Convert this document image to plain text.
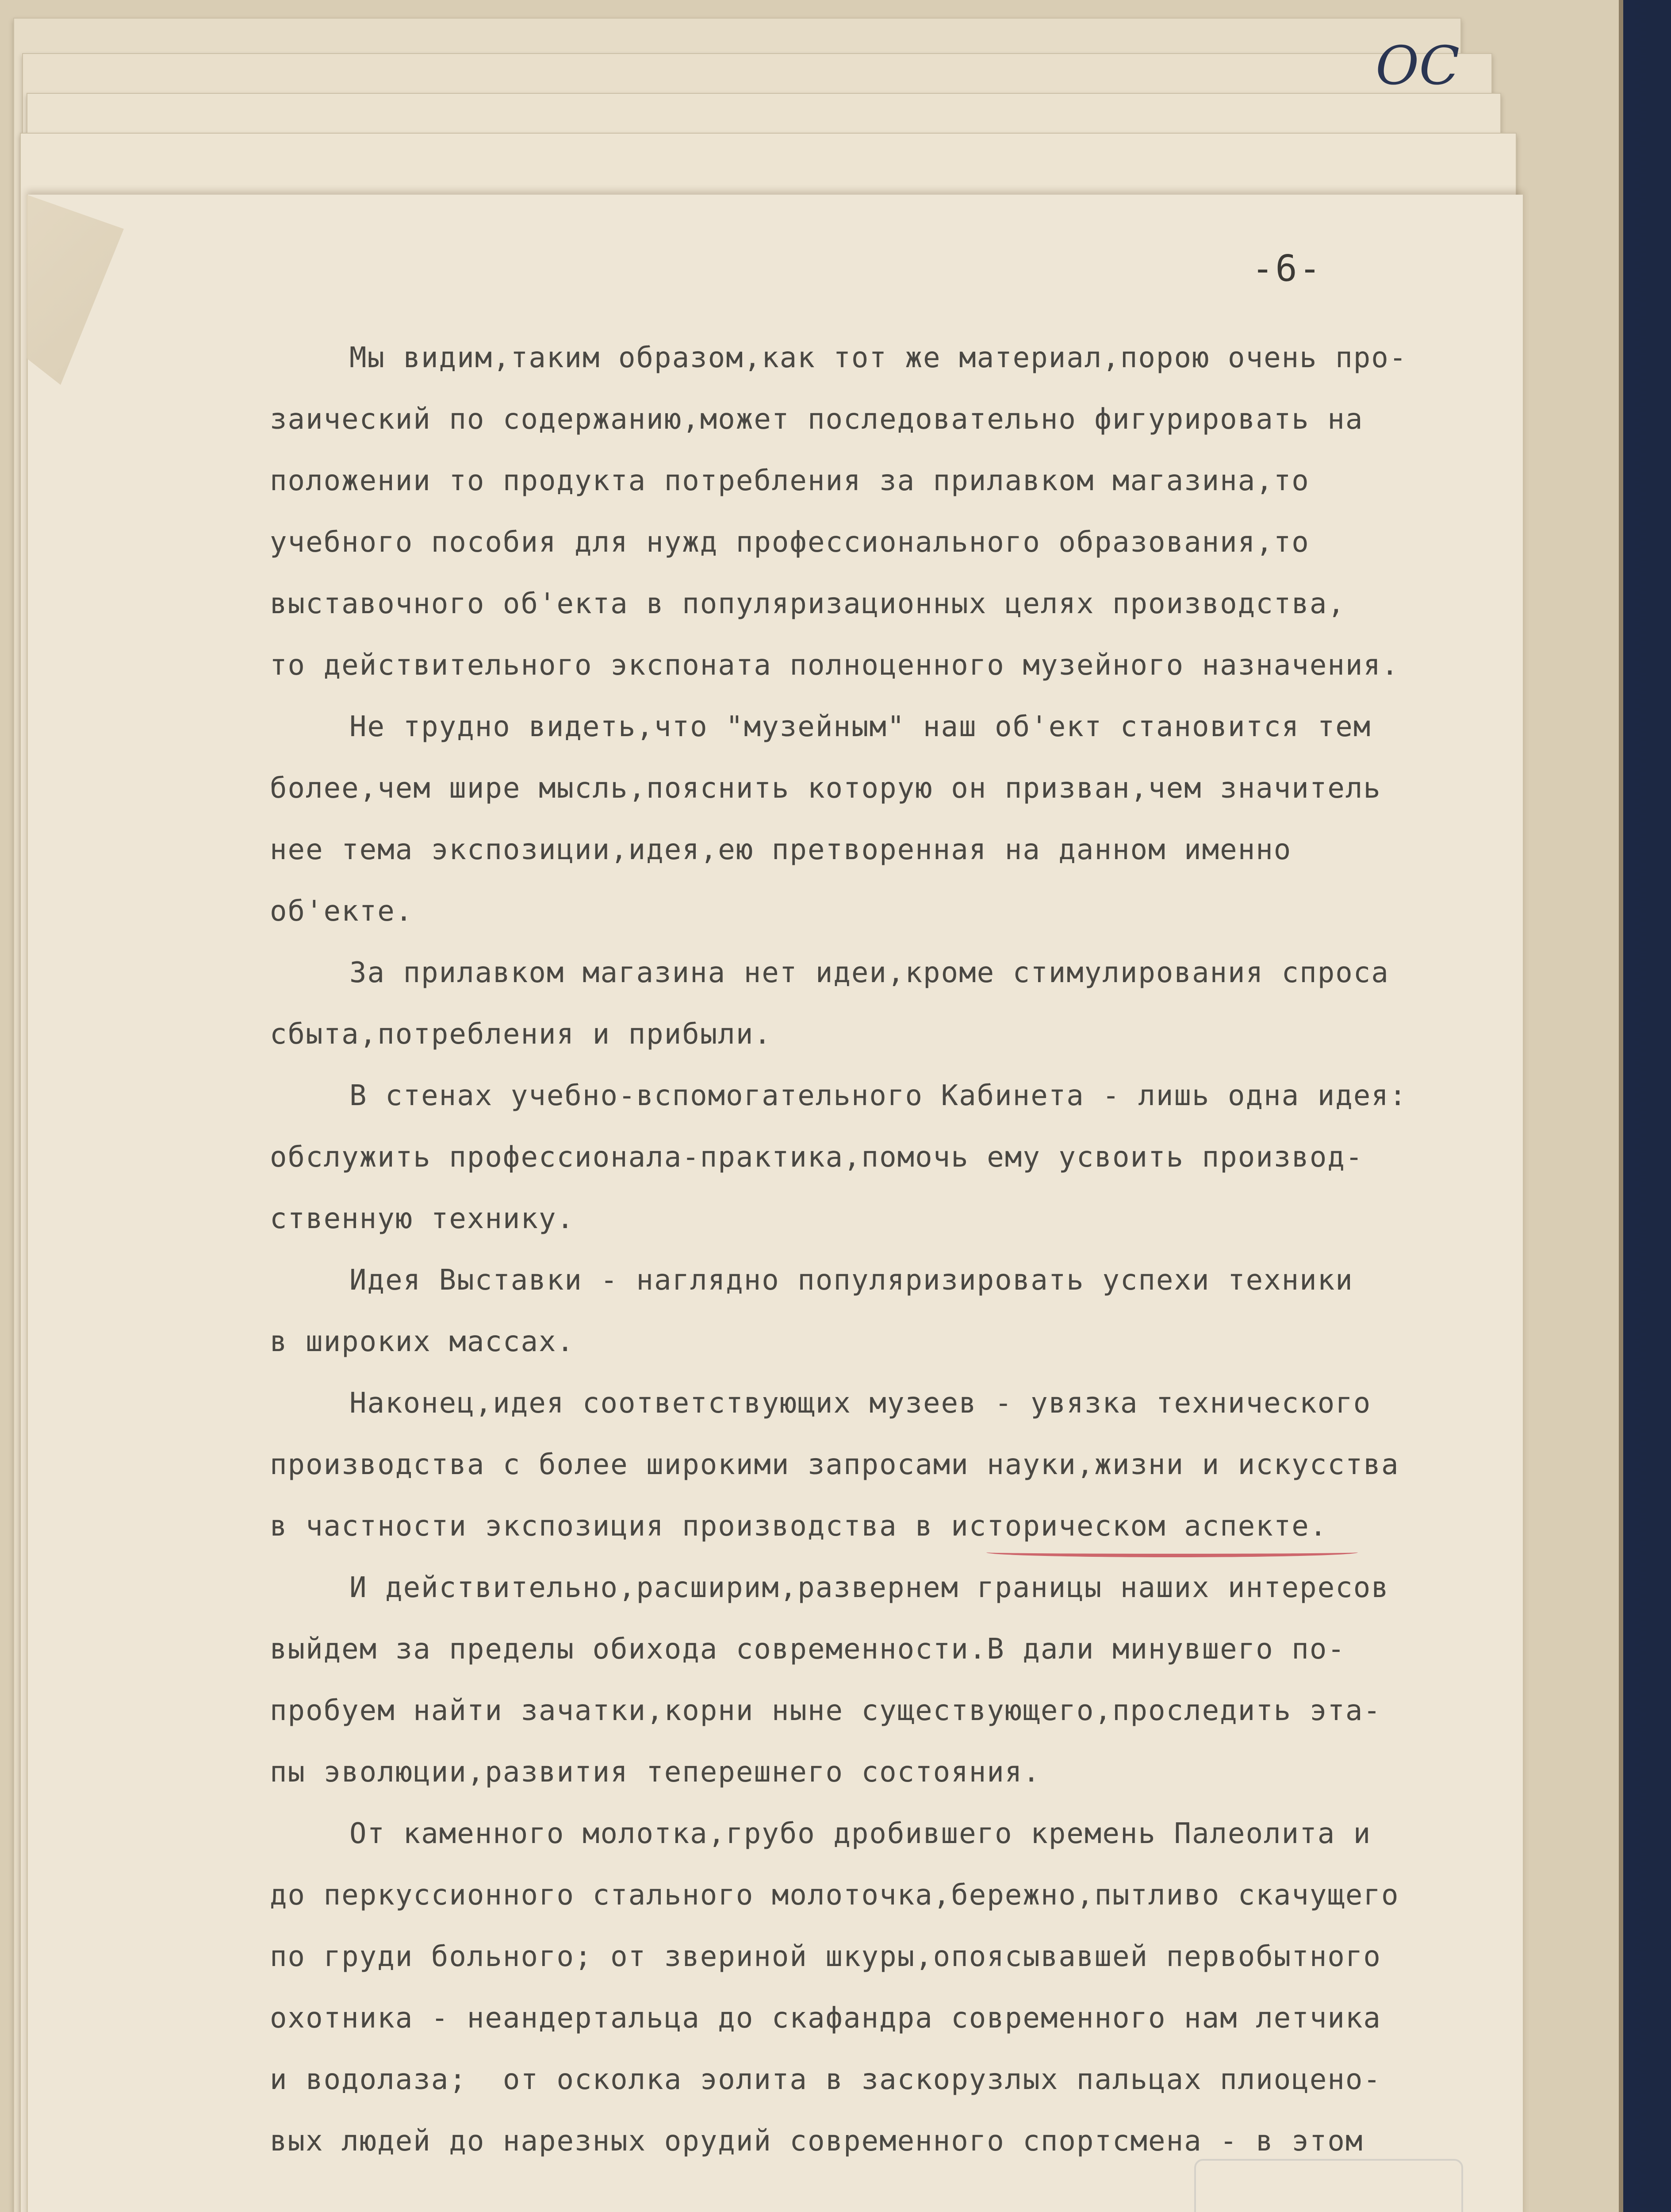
ОС
-6-
Мы видим,таким образом,как тот же материал,порою очень про-
заический по содержанию,может последовательно фигурировать на
положении то продукта потребления за прилавком магазина,то
учебного пособия для нужд профессионального образования,то
выставочного об'екта в популяризационных целях производства,
то действительного экспоната полноценного музейного назначения.
Не трудно видеть,что "музейным" наш об'ект становится тем
более,чем шире мысль,пояснить которую он призван,чем значитель
нее тема экспозиции,идея,ею претворенная на данном именно
об'екте.
За прилавком магазина нет идеи,кроме стимулирования спроса
сбыта,потребления и прибыли.
В стенах учебно-вспомогательного Кабинета - лишь одна идея:
обслужить профессионала-практика,помочь ему усвоить производ-
ственную технику.
Идея Выставки - наглядно популяризировать успехи техники
в широких массах.
Наконец,идея соответствующих музеев - увязка технического
производства с более широкими запросами науки,жизни и искусства
в частности экспозиция производства в историческом аспекте.
И действительно,расширим,развернем границы наших интересов
выйдем за пределы обихода современности.В дали минувшего по-
пробуем найти зачатки,корни ныне существующего,проследить эта-
пы эволюции,развития теперешнего состояния.
От каменного молотка,грубо дробившего кремень Палеолита и
до перкуссионного стального молоточка,бережно,пытливо скачущего
по груди больного; от звериной шкуры,опоясывавшей первобытного
охотника - неандертальца до скафандра современного нам летчика
и водолаза;  от осколка эолита в заскорузлых пальцах плиоцено-
вых людей до нарезных орудий современного спортсмена - в этом
